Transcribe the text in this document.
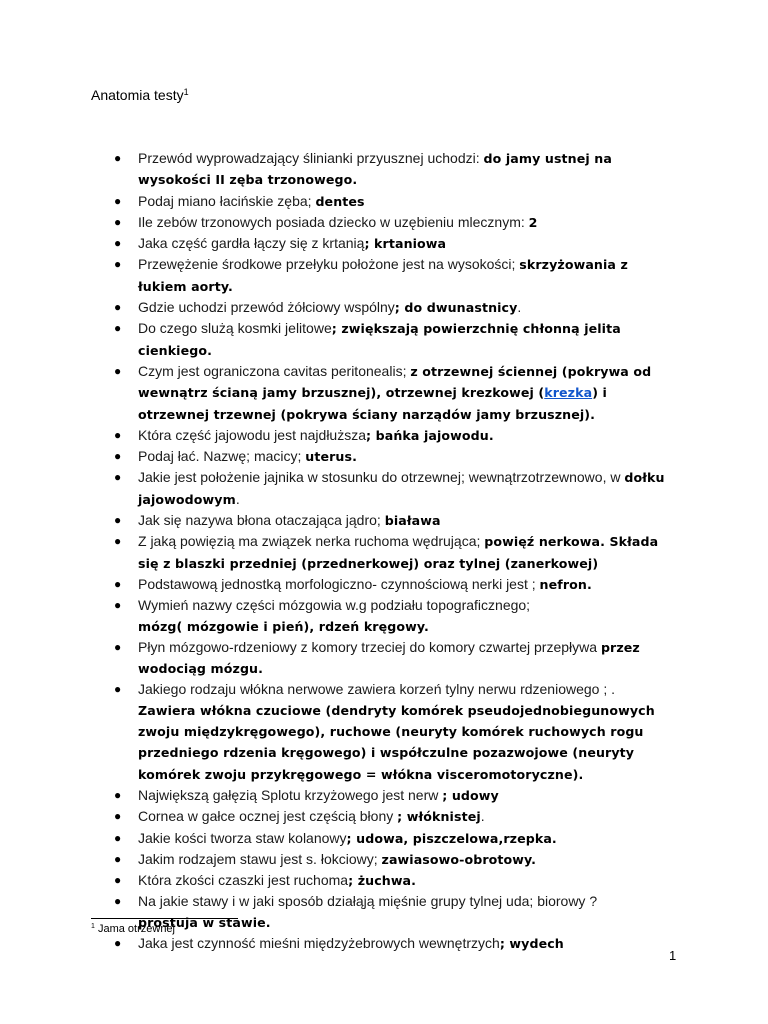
Anatomia testy$^1$
● Przewód wyprowadzający ślinianki przyusznej uchodzi: do jamy ustnej na wysokości II zęba trzonowego.
● Podaj miano łacińskie zęba; dentes
● Ile zebów trzonowych posiada dziecko w uzębieniu mlecznym: 2
● Jaka część gardła łączy się z krtanią; krtaniowa
● Przewężenie środkowe przełyku położone jest na wysokości; skrzyżowania z łukiem aorty.
● Gdzie uchodzi przewód żółciowy wspólny; do dwunastnicy.
● Do czego slużą kosmki jelitowe; zwiększają powierzchnię chłonną jelita cienkiego.
● Czym jest ograniczona cavitas peritonealis; z otrzewnej ściennej (pokrywa od wewnątrz ścianą jamy brzusznej), otrzewnej krezkowej (krezka) i otrzewnej trzewnej (pokrywa ściany narządów jamy brzusznej).
● Która część jajowodu jest najdłuższa; bańka jajowodu.
● Podaj łać. Nazwę; macicy; uterus.
● Jakie jest położenie jajnika w stosunku do otrzewnej; wewnątrzotrzewnowo, w dołku jajowodowym.
● Jak się nazywa błona otaczająca jądro; biaława
● Z jaką powięzią ma związek nerka ruchoma wędrująca; powięź nerkowa. Składa się z blaszki przedniej (przednerkowej) oraz tylnej (zanerkowej)
● Podstawową jednostką morfologiczno- czynnościową nerki jest ; nefron.
● Wymień nazwy części mózgowia w.g podziału topograficznego;
mózg( mózgowie i pień), rdzeń kręgowy.
● Płyn mózgowo-rdzeniowy z komory trzeciej do komory czwartej przepływa przez wodociąg mózgu.
● Jakiego rodzaju włókna nerwowe zawiera korzeń tylny nerwu rdzeniowego ; .
Zawiera włókna czuciowe (dendryty komórek pseudojednobiegunowych zwoju międzykręgowego), ruchowe (neuryty komórek ruchowych rogu przedniego rdzenia kręgowego) i współczulne pozazwojowe (neuryty komórek zwoju przykręgowego = włókna visceromotoryczne).
● Największą gałęzią Splotu krzyżowego jest nerw ; udowy
● Cornea w gałce ocznej jest częścią błony ; włóknistej.
● Jakie kości tworza staw kolanowy; udowa, piszczelowa,rzepka.
● Jakim rodzajem stawu jest s. łokciowy; zawiasowo-obrotowy.
● Która zkości czaszki jest ruchoma; żuchwa.
● Na jakie stawy i w jaki sposób działąją mięśnie grupy tylnej uda; biorowy ?
prostuja w stawie.
● Jaka jest czynność mieśni międzyżebrowych wewnętrzych; wydech
$^1$ Jama otrzewnej
1
